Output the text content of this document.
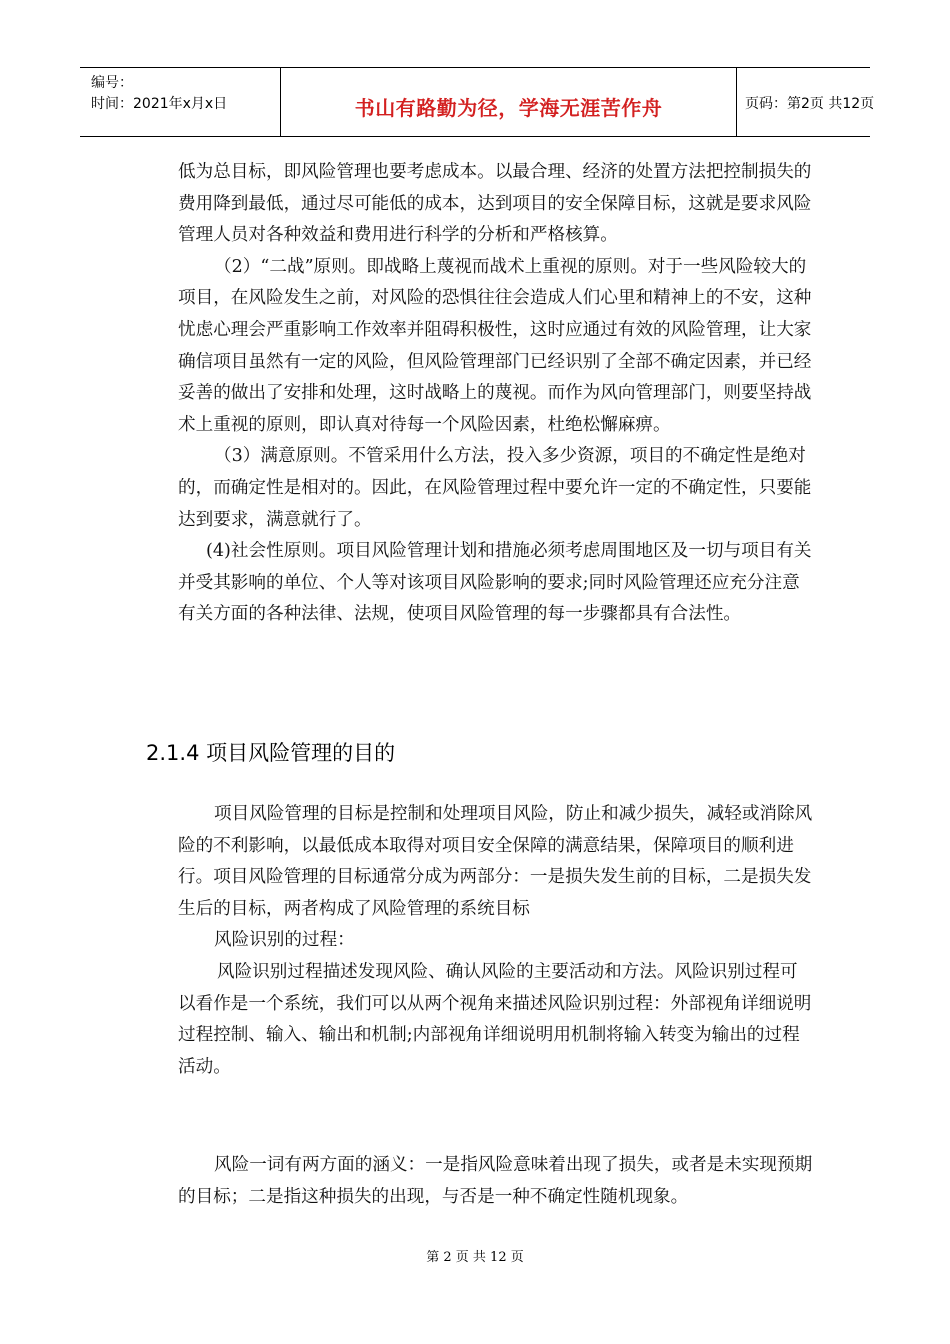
编号：
时间：2021年x月x日	书山有路勤为径，学海无涯苦作舟	页码：第2页 共12页

低为总目标，即风险管理也要考虑成本。以最合理、经济的处置方法把控制损失的费用降到最低，通过尽可能低的成本，达到项目的安全保障目标，这就是要求风险管理人员对各种效益和费用进行科学的分析和严格核算。

（2）“二战”原则。即战略上蔑视而战术上重视的原则。对于一些风险较大的项目，在风险发生之前，对风险的恐惧往往会造成人们心里和精神上的不安，这种忧虑心理会严重影响工作效率并阻碍积极性，这时应通过有效的风险管理，让大家确信项目虽然有一定的风险，但风险管理部门已经识别了全部不确定因素，并已经妥善的做出了安排和处理，这时战略上的蔑视。而作为风向管理部门，则要坚持战术上重视的原则，即认真对待每一个风险因素，杜绝松懈麻痹。

（3）满意原则。不管采用什么方法，投入多少资源，项目的不确定性是绝对的，而确定性是相对的。因此，在风险管理过程中要允许一定的不确定性，只要能达到要求，满意就行了。

(4)社会性原则。项目风险管理计划和措施必须考虑周围地区及一切与项目有关并受其影响的单位、个人等对该项目风险影响的要求;同时风险管理还应充分注意有关方面的各种法律、法规，使项目风险管理的每一步骤都具有合法性。

2.1.4 项目风险管理的目的

项目风险管理的目标是控制和处理项目风险，防止和减少损失，减轻或消除风险的不利影响，以最低成本取得对项目安全保障的满意结果，保障项目的顺利进行。项目风险管理的目标通常分成为两部分：一是损失发生前的目标，二是损失发生后的目标，两者构成了风险管理的系统目标

风险识别的过程：

风险识别过程描述发现风险、确认风险的主要活动和方法。风险识别过程可以看作是一个系统，我们可以从两个视角来描述风险识别过程：外部视角详细说明过程控制、输入、输出和机制;内部视角详细说明用机制将输入转变为输出的过程活动。

风险一词有两方面的涵义：一是指风险意味着出现了损失，或者是未实现预期的目标；二是指这种损失的出现，与否是一种不确定性随机现象。

第 2 页 共 12 页
